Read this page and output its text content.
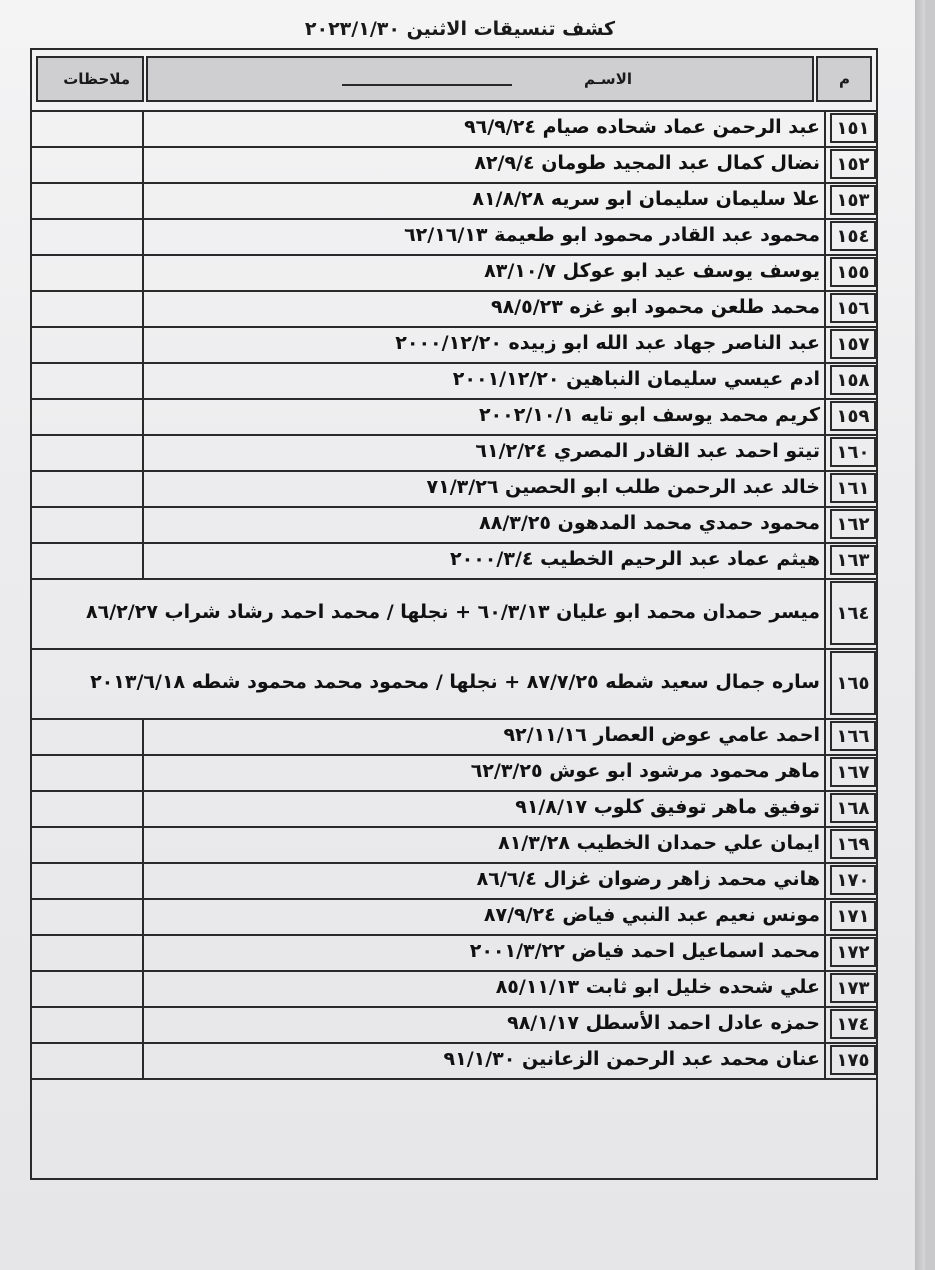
كشف تنسيقات الاثنين ٢٠٢٣/١/٣٠
ملاحظات	الاسـم	م
عبد الرحمن عماد شحاده صيام ٩٦/٩/٢٤ ١٥١
نضال كمال عبد المجيد طومان ٨٢/٩/٤ ١٥٢
علا سليمان سليمان ابو سريه ٨١/٨/٢٨ ١٥٣
محمود عبد القادر محمود ابو طعيمة ٦٢/١٦/١٣ ١٥٤
يوسف يوسف عيد ابو عوكل ٨٣/١٠/٧ ١٥٥
محمد طلعن محمود ابو غزه ٩٨/٥/٢٣ ١٥٦
عبد الناصر جهاد عبد الله ابو زبيده ٢٠٠٠/١٢/٢٠ ١٥٧
ادم عيسي سليمان النباهين ٢٠٠١/١٢/٢٠ ١٥٨
كريم محمد يوسف ابو تايه ٢٠٠٢/١٠/١ ١٥٩
تيتو احمد عبد القادر المصري ٦١/٢/٢٤ ١٦٠
خالد عبد الرحمن طلب ابو الحصين ٧١/٣/٢٦ ١٦١
محمود حمدي محمد المدهون ٨٨/٣/٢٥ ١٦٢
هيثم عماد عبد الرحيم الخطيب ٢٠٠٠/٣/٤ ١٦٣
ميسر حمدان محمد ابو عليان ٦٠/٣/١٣ + نجلها / محمد احمد رشاد شراب ٨٦/٢/٢٧ ١٦٤
ساره جمال سعيد شطه ٨٧/٧/٢٥ + نجلها / محمود محمد محمود شطه ٢٠١٣/٦/١٨ ١٦٥
احمد عامي عوض العصار ٩٢/١١/١٦ ١٦٦
ماهر محمود مرشود ابو عوش ٦٢/٣/٢٥ ١٦٧
توفيق ماهر توفيق كلوب ٩١/٨/١٧ ١٦٨
ايمان علي حمدان الخطيب ٨١/٣/٢٨ ١٦٩
هاني محمد زاهر رضوان غزال ٨٦/٦/٤ ١٧٠
مونس نعيم عبد النبي فياض ٨٧/٩/٢٤ ١٧١
محمد اسماعيل احمد فياض ٢٠٠١/٣/٢٢ ١٧٢
علي شحده خليل ابو ثابت ٨٥/١١/١٣ ١٧٣
حمزه عادل احمد الأسطل ٩٨/١/١٧ ١٧٤
عنان محمد عبد الرحمن الزعانين ٩١/١/٣٠ ١٧٥
